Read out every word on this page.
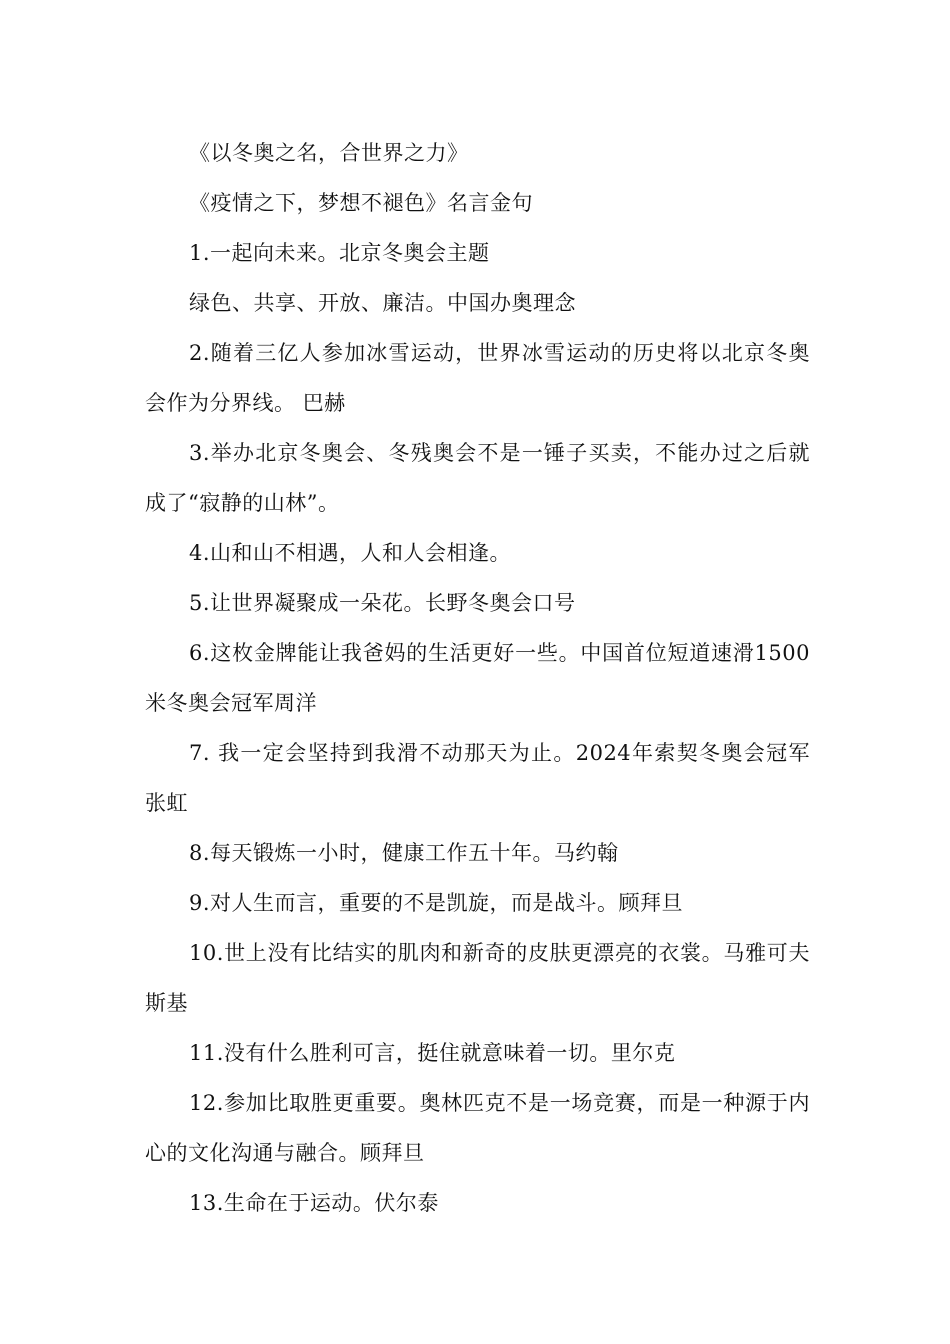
《以冬奥之名，合世界之力》

《疫情之下，梦想不褪色》名言金句

1.一起向未来。北京冬奥会主题

绿色、共享、开放、廉洁。中国办奥理念

2.随着三亿人参加冰雪运动，世界冰雪运动的历史将以北京冬奥会作为分界线。 巴赫

3.举办北京冬奥会、冬残奥会不是一锤子买卖，不能办过之后就成了“寂静的山林”。

4.山和山不相遇，人和人会相逢。

5.让世界凝聚成一朵花。长野冬奥会口号

6.这枚金牌能让我爸妈的生活更好一些。中国首位短道速滑1500米冬奥会冠军周洋

7. 我一定会坚持到我滑不动那天为止。2024年索契冬奥会冠军 张虹

8.每天锻炼一小时，健康工作五十年。马约翰

9.对人生而言，重要的不是凯旋，而是战斗。顾拜旦

10.世上没有比结实的肌肉和新奇的皮肤更漂亮的衣裳。马雅可夫斯基

11.没有什么胜利可言，挺住就意味着一切。里尔克

12.参加比取胜更重要。奥林匹克不是一场竞赛，而是一种源于内心的文化沟通与融合。顾拜旦

13.生命在于运动。伏尔泰
